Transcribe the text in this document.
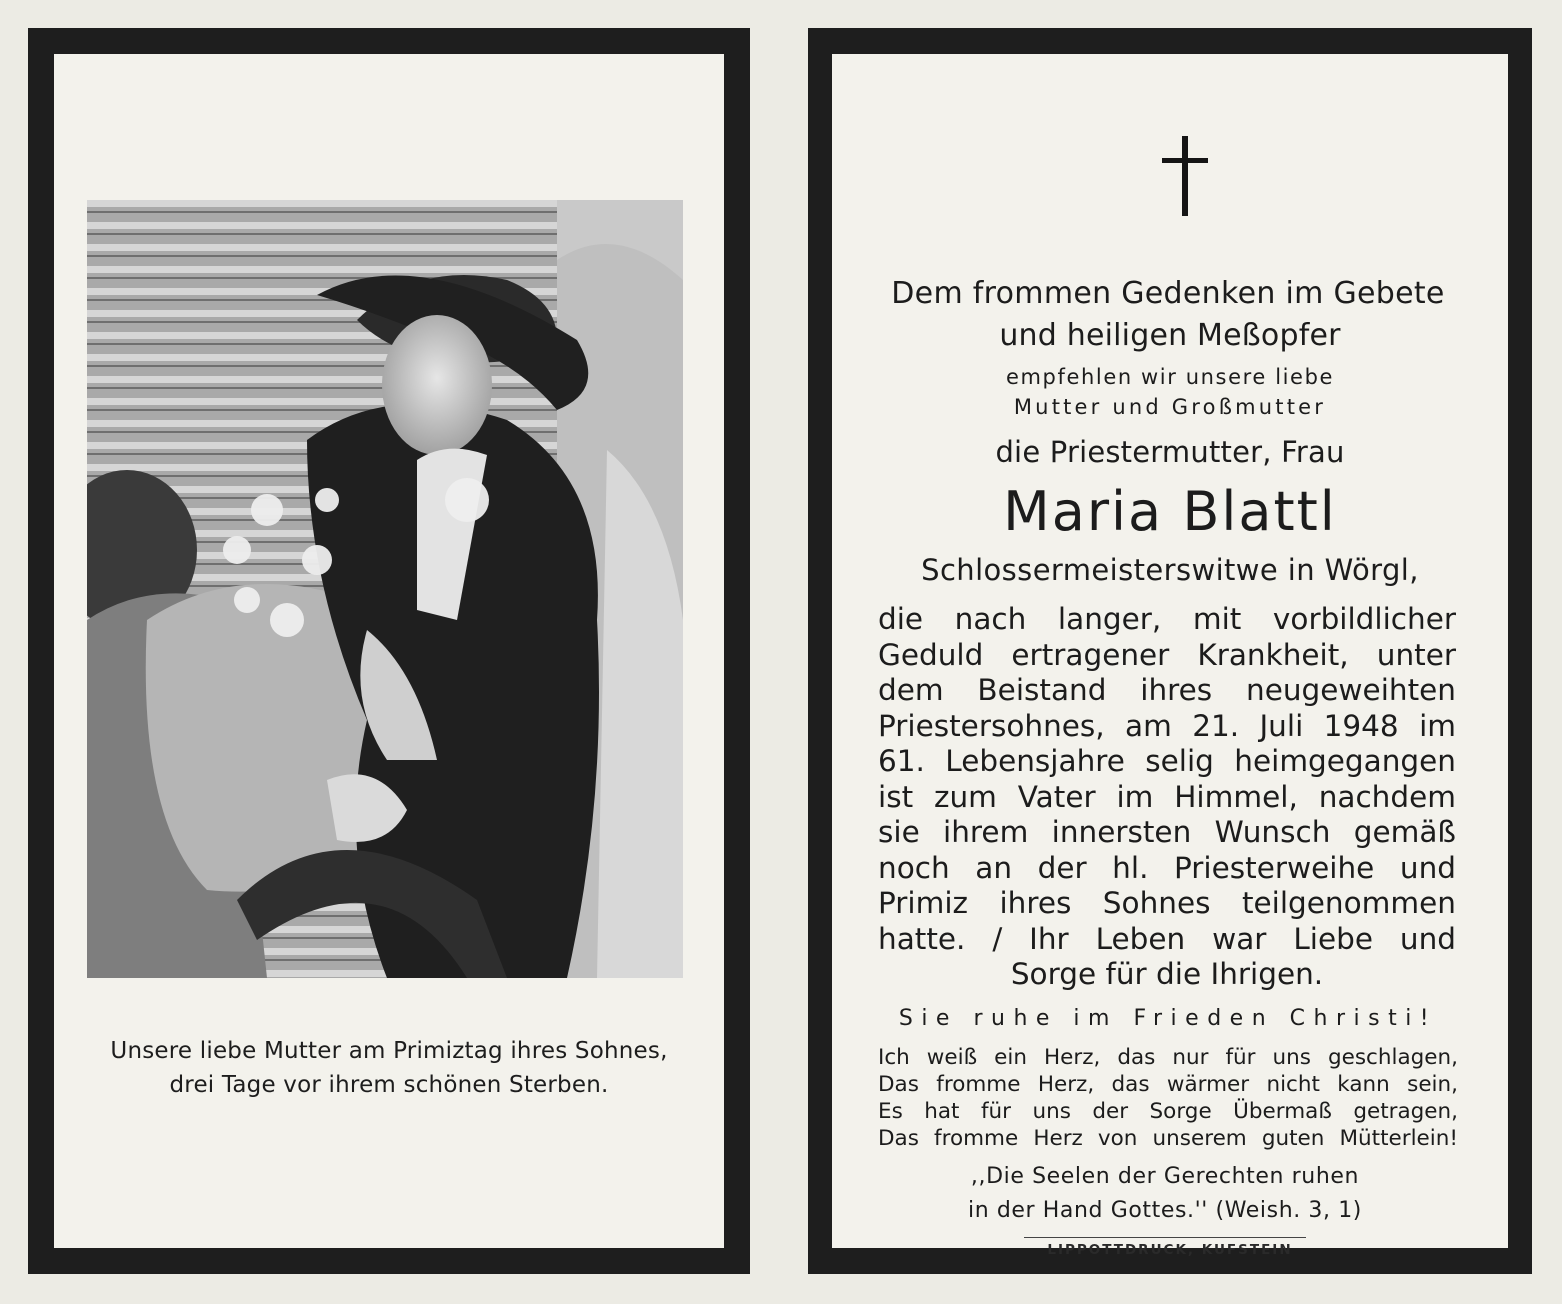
Unsere liebe Mutter am Primiztag ihres Sohnes,
drei Tage vor ihrem schönen Sterben.
Dem frommen Gedenken im Gebete
und heiligen Meßopfer
empfehlen wir unsere liebe
Mutter und Großmutter
die Priestermutter, Frau
Maria Blattl
Schlossermeisterswitwe in Wörgl,
die nach langer, mit vorbildlicher
Geduld ertragener Krankheit, unter
dem Beistand ihres neugeweihten
Priestersohnes, am 21. Juli 1948 im
61. Lebensjahre selig heimgegangen
ist zum Vater im Himmel, nachdem
sie ihrem innersten Wunsch gemäß
noch an der hl. Priesterweihe und
Primiz ihres Sohnes teilgenommen
hatte. / Ihr Leben war Liebe und
Sorge für die Ihrigen.
Sie ruhe im Frieden Christi!
Ich weiß ein Herz, das nur für uns geschlagen,
Das fromme Herz, das wärmer nicht kann sein,
Es hat für uns der Sorge Übermaß getragen,
Das fromme Herz von unserem guten Mütterlein!
,,Die Seelen der Gerechten ruhen
in der Hand Gottes.'' (Weish. 3, 1)
LIPPOTTDRUCK, KUFSTEIN
